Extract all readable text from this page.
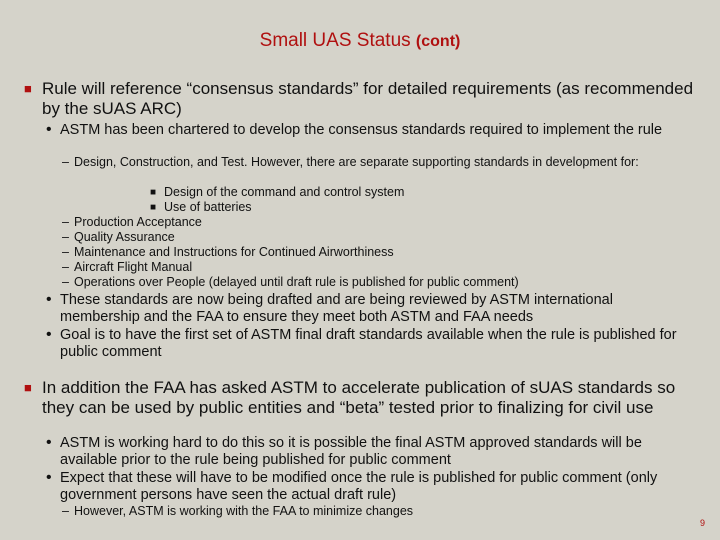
Small UAS Status (cont)
■ Rule will reference “consensus standards” for detailed requirements (as recommended by the sUAS ARC)
• ASTM has been chartered to develop the consensus standards required to implement the rule
– Design, Construction, and Test. However, there are separate supporting standards in development for:
■ Design of the command and control system
■ Use of batteries
– Production Acceptance
– Quality Assurance
– Maintenance and Instructions for Continued Airworthiness
– Aircraft Flight Manual
– Operations over People (delayed until draft rule is published for public comment)
• These standards are now being drafted and are being reviewed by ASTM international membership and the FAA to ensure they meet both ASTM and FAA needs
• Goal is to have the first set of ASTM final draft standards available when the rule is published for public comment
■ In addition the FAA has asked ASTM to accelerate publication of sUAS standards so they can be used by public entities and “beta” tested prior to finalizing for civil use
• ASTM is working hard to do this so it is possible the final ASTM approved standards will be available prior to the rule being published for public comment
• Expect that these will have to be modified once the rule is published for public comment (only government persons have seen the actual draft rule)
– However, ASTM is working with the FAA to minimize changes
9
